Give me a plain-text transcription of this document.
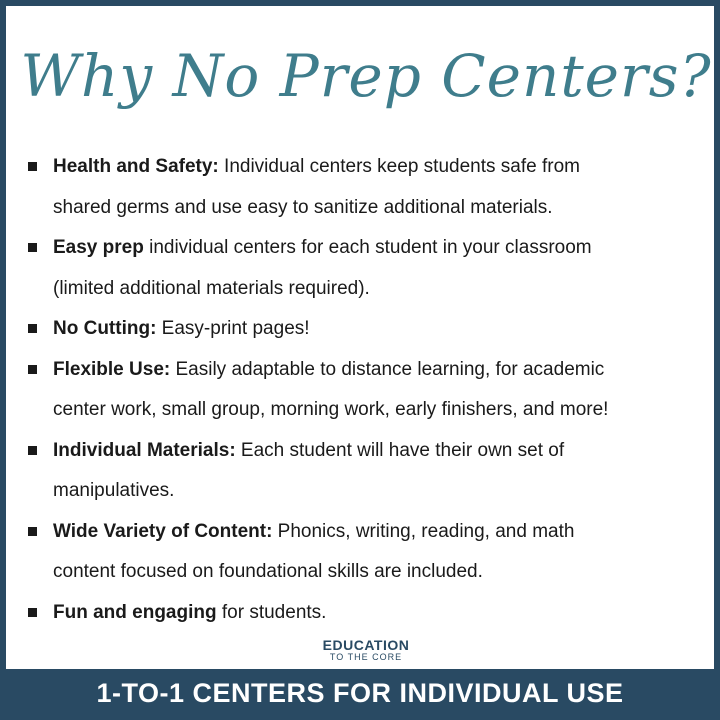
Why No Prep Centers?
Health and Safety: Individual centers keep students safe from
shared germs and use easy to sanitize additional materials.
Easy prep individual centers for each student in your classroom
(limited additional materials required).
No Cutting: Easy-print pages!
Flexible Use: Easily adaptable to distance learning, for academic
center work, small group, morning work, early finishers, and more!
Individual Materials: Each student will have their own set of
manipulatives.
Wide Variety of Content: Phonics, writing, reading, and math
content focused on foundational skills are included.
Fun and engaging for students.
EDUCATION
TO THE CORE
1-TO-1 CENTERS FOR INDIVIDUAL USE
